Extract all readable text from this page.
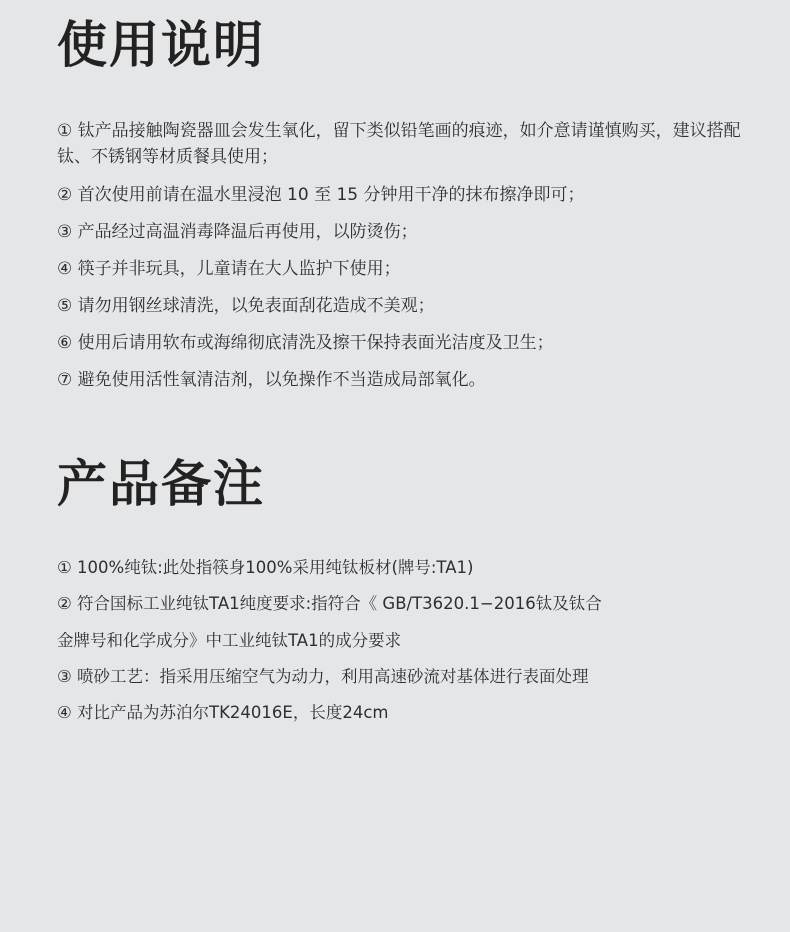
使用说明
① 钛产品接触陶瓷器皿会发生氧化，留下类似铅笔画的痕迹，如介意请谨慎购买，建议搭配钛、不锈钢等材质餐具使用；
② 首次使用前请在温水里浸泡 10 至 15 分钟用干净的抹布擦净即可；
③ 产品经过高温消毒降温后再使用，以防烫伤；
④ 筷子并非玩具，儿童请在大人监护下使用；
⑤ 请勿用钢丝球清洗，以免表面刮花造成不美观；
⑥ 使用后请用软布或海绵彻底清洗及擦干保持表面光洁度及卫生；
⑦ 避免使用活性氧清洁剂，以免操作不当造成局部氧化。
产品备注
① 100%纯钛:此处指筷身100%采用纯钛板材(牌号:TA1)
② 符合国标工业纯钛TA1纯度要求:指符合《 GB/T3620.1−2016钛及钛合
金牌号和化学成分》中工业纯钛TA1的成分要求
③ 喷砂工艺：指采用压缩空气为动力，利用高速砂流对基体进行表面处理
④ 对比产品为苏泊尔TK24016E，长度24cm
